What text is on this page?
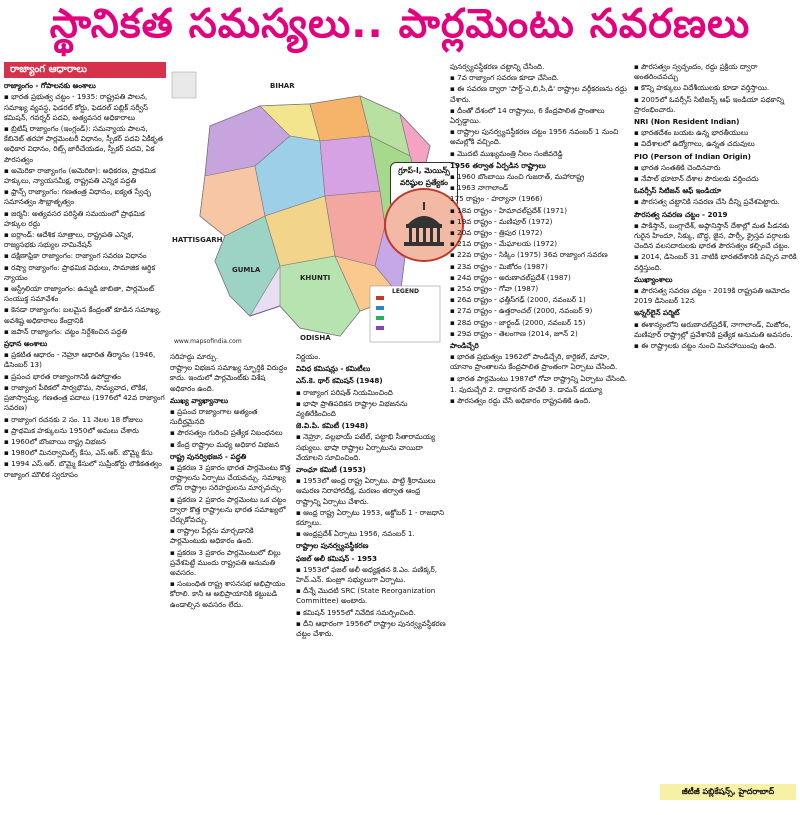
స్థానికత సమస్యలు.. పార్లమెంటు సవరణలు
రాజ్యాంగ ఆధారాలు
రాజ్యాంగం - గోపాలనకు అంశాలు
▪ భారత ప్రభుత్వ చట్టం - 1935: రాష్ట్రపతి పాలన, సమాఖ్య వ్యవస్థ, ఫెడరల్ కోర్టు, ఫెడరల్ పబ్లిక్ సర్వీస్ కమిషన్, గవర్నర్ పదవి, అత్యవసర అధికారాలు
▪ బ్రిటిష్ రాజ్యాంగం (ఇంగ్లండ్): సమన్యాయ పాలన, కేబినెట్ తరహా పార్లమెంటరీ విధానం, స్పీకర్ పదవి ఏకీకృత అధికార విధానం, రిట్స్ జారీచేయడం, స్పీకర్ పదవి, ఏక పౌరసత్వం
▪ అమెరికా రాజ్యాంగం (అమెరికా): అధికరణ, ప్రాథమిక హక్కులు, న్యాయసమీక్ష, రాష్ట్రపతి ఎన్నిక పద్ధతి
▪ ఫ్రాన్స్ రాజ్యాంగం: గణతంత్ర విధానం, ఐక్యత స్వేచ్ఛ సమానత్వం సౌభ్రాతృత్వం
▪ జర్మనీ: అత్యవసర పరిస్థితి సమయంలో ప్రాథమిక హక్కుల రద్దు
▪ ఐర్లాండ్: ఆదేశిక సూత్రాలు, రాష్ట్రపతి ఎన్నిక, రాజ్యసభకు సభ్యుల నామినేషన్
▪ దక్షిణాఫ్రికా రాజ్యాంగం: రాజ్యాంగ సవరణ విధానం
▪ రష్యా రాజ్యాంగం: ప్రాథమిక విధులు, సామాజిక ఆర్థిక న్యాయం
▪ ఆస్ట్రేలియా రాజ్యాంగం: ఉమ్మడి జాబితా, పార్లమెంట్ సంయుక్త సమావేశం
▪ కెనడా రాజ్యాంగం: బలమైన కేంద్రంతో కూడిన సమాఖ్య, అవశిష్ట అధికారాలు కేంద్రానికి
▪ జపాన్ రాజ్యాంగం: చట్టం నిర్దేశించిన పద్ధతి
ప్రధాన అంశాలు
▪ ప్రకటిత ఆధారం - నెహ్రూ ఆధారిత తీర్మానం (1946, డిసెంబర్ 13)
▪ ప్రపంచ భారత రాజ్యాంగానికి ఉపోద్ఘాతం
▪ రాజ్యాంగ పీఠికలో సార్వభౌమ, సామ్యవాద, లౌకిక, ప్రజాస్వామ్య, గణతంత్ర పదాలు (1976లో 42వ రాజ్యాంగ సవరణ)
▪ రాజ్యాంగ రచనకు 2 సం. 11 నెలల 18 రోజులు
▪ ప్రాథమిక హక్కులను 1950లో అమలు చేశారు
▪ 1960లో బొంబాయి రాష్ట్ర విభజన
▪ 1980లో మినర్వామిల్స్ కేసు, ఎస్.ఆర్. బొమ్మై కేసు
▪ 1994 ఎస్.ఆర్. బొమ్మై కేసులో సుప్రీంకోర్టు లౌకికతత్వం రాజ్యాంగ మౌలిక స్వరూపం
BIHAR
HATTISGARH
ODISHA
GUMLA
KHUNTI
LEGEND
www.mapsofindia.com
గ్రూప్-I, మెయిన్స్
వరిష్ఠుల ప్రత్యేకం
సరిహద్దు మార్పు.
రాష్ట్రాల విభజన సమాఖ్య స్ఫూర్తికి విరుద్ధం కాదు. ఇందులో పార్లమెంట్‌కు విశేష అధికారం ఉంది.
ముఖ్య వ్యాఖ్యానాలు
▪ ప్రపంచ రాజ్యాంగాల అత్యంత సుదీర్ఘమైనది
▪ పౌరసత్వం గురించి ప్రత్యేక నిబంధనలు
▪ కేంద్ర రాష్ట్రాల మధ్య అధికార విభజన
రాష్ట్ర పునర్విభజన - పద్ధతి
▪ ప్రకరణ 3 ప్రకారం భారత పార్లమెంటు కొత్త రాష్ట్రాలను ఏర్పాటు చేయవచ్చు. సమాఖ్య లోని రాష్ట్రాల సరిహద్దులను మార్చవచ్చు.
▪ ప్రకరణ 2 ప్రకారం పార్లమెంటు ఒక చట్టం ద్వారా కొత్త రాష్ట్రాలను భారత సమాఖ్యలో చేర్చుకోవచ్చు.
▪ రాష్ట్రాల పేర్లను మార్చడానికి పార్లమెంటుకు అధికారం ఉంది.
▪ ప్రకరణ 3 ప్రకారం పార్లమెంటులో బిల్లు ప్రవేశపెట్టే ముందు రాష్ట్రపతి అనుమతి అవసరం.
▪ సంబంధిత రాష్ట్ర శాసనసభ అభిప్రాయం కోరాలి. కానీ ఆ అభిప్రాయానికి కట్టుబడి ఉండాల్సిన అవసరం లేదు.
నిర్ణయం.
వివిధ కమిషన్లు - కమిటీలు
ఎస్.కె. థార్ కమిషన్ (1948)
▪ రాజ్యాంగ పరిషత్ నియమించింది
▪ భాషా ప్రాతిపదికన రాష్ట్రాల విభజనను వ్యతిరేకించింది
జె.వి.పి. కమిటీ (1948)
▪ నెహ్రూ, వల్లభాయ్ పటేల్, పట్టాభి సీతారామయ్య సభ్యులు. భాషా రాష్ట్రాల ఏర్పాటును వాయిదా వేయాలని సూచించింది.
వాంఛూ కమిటీ (1953)
▪ 1953లో ఆంధ్ర రాష్ట్ర ఏర్పాటు. పొట్టి శ్రీరాములు ఆమరణ నిరాహారదీక్ష, మరణం తర్వాత ఆంధ్ర రాష్ట్రాన్ని ఏర్పాటు చేశారు.
▪ ఆంధ్ర రాష్ట్ర ఏర్పాటు 1953, అక్టోబర్ 1 - రాజధాని కర్నూలు.
▪ ఆంధ్రప్రదేశ్ ఏర్పాటు 1956, నవంబర్ 1.
రాష్ట్రాల పునర్వ్యవస్థీకరణ
ఫజల్ అలీ కమిషన్ - 1953
▪ 1953లో ఫజల్ అలీ అధ్యక్షతన కె.ఎం. పణిక్కర్, హెచ్.ఎన్. కుంజ్రూ సభ్యులుగా ఏర్పాటు.
▪ దీన్నే మొదటి SRC (State Reorganization Committee) అంటారు.
▪ కమిషన్ 1955లో నివేదిక సమర్పించింది.
▪ దీని ఆధారంగా 1956లో రాష్ట్రాల పునర్వ్యవస్థీకరణ చట్టం చేశారు.
పునర్వ్యవస్థీకరణ చట్టాన్ని చేసింది.
▪ 7వ రాజ్యాంగ సవరణ కూడా చేసింది.
▪ ఈ సవరణ ద్వారా 'పార్ట్-ఎ,బి,సి,డి' రాష్ట్రాల వర్గీకరణను రద్దు చేశారు.
▪ దీంతో దేశంలో 14 రాష్ట్రాలు, 6 కేంద్రపాలిత ప్రాంతాలు ఏర్పడ్డాయి.
▪ రాష్ట్రాల పునర్వ్యవస్థీకరణ చట్టం 1956 నవంబర్ 1 నుంచి అమల్లోకి వచ్చింది.
▪ మొదటి ముఖ్యమంత్రి నీలం సంజీవరెడ్డి
1956 తర్వాత ఏర్పడిన రాష్ట్రాలు
▪ 1960 బొంబాయి నుంచి గుజరాత్, మహారాష్ట్ర
▪ 1963 నాగాలాండ్
175 రాష్ట్రం - హర్యానా (1966)
▪ 18వ రాష్ట్రం - హిమాచల్‌ప్రదేశ్ (1971)
▪ 19వ రాష్ట్రం - మణిపూర్ (1972)
▪ 20వ రాష్ట్రం - త్రిపుర (1972)
▪ 21వ రాష్ట్రం - మేఘాలయ (1972)
▪ 22వ రాష్ట్రం - సిక్కిం (1975) 36వ రాజ్యాంగ సవరణ
▪ 23వ రాష్ట్రం - మిజోరం (1987)
▪ 24వ రాష్ట్రం - అరుణాచల్‌ప్రదేశ్ (1987)
▪ 25వ రాష్ట్రం - గోవా (1987)
▪ 26వ రాష్ట్రం - ఛత్తీస్‌గఢ్ (2000, నవంబర్ 1)
▪ 27వ రాష్ట్రం - ఉత్తరాంచల్ (2000, నవంబర్ 9)
▪ 28వ రాష్ట్రం - జార్ఖండ్ (2000, నవంబర్ 15)
▪ 29వ రాష్ట్రం - తెలంగాణ (2014, జూన్ 2)
పాండిచ్చేరి
▪ భారత ప్రభుత్వం 1962లో పాండిచ్చేరి, కారైకల్, మాహె, యానాం ప్రాంతాలను కేంద్రపాలిత ప్రాంతంగా ఏర్పాటు చేసింది.
▪ భారత పార్లమెంటు 1987లో గోవా రాష్ట్రాన్ని ఏర్పాటు చేసింది.
1. పుదుచ్చేరి 2. దాద్రానగర్ హవేలీ 3. డామన్ డయ్యూ
▪ పౌరసత్వం రద్దు చేసే అధికారం రాష్ట్రపతికి ఉంది.
▪ పౌరసత్వం స్వచ్ఛందం, రద్దు ప్రక్రియ ద్వారా అంతరించవచ్చు
▪ కొన్ని హక్కులు విదేశీయులకు కూడా వర్తిస్తాయి.
▪ 2005లో ఓవర్సీస్ సిటిజన్స్ ఆఫ్ ఇండియా పథకాన్ని ప్రారంభించారు.
NRI (Non Resident Indian)
▪ భారతదేశం బయట ఉన్న భారతీయులు
▪ విదేశాలలో ఉద్యోగాలు, ఉన్నత చదువులు
PIO (Person of Indian Origin)
▪ భారత సంతతికి చెందినవారు
▪ నేపాల్ భూటాన్ దేశాల పౌరులకు వర్తించదు
ఓవర్సీస్ సిటిజన్ ఆఫ్ ఇండియా
▪ పౌరసత్వ చట్టానికి సవరణ చేసి దీన్ని ప్రవేశపెట్టారు.
పౌరసత్వ సవరణ చట్టం - 2019
▪ పాకిస్తాన్, బంగ్లాదేశ్, అఫ్గానిస్తాన్ దేశాల్లో మత పీడనకు గురైన హిందూ, సిక్కు, బౌద్ధ, జైన, పార్సీ, క్రైస్తవ వర్గాలకు చెందిన వలసదారులకు భారత పౌరసత్వం కల్పించే చట్టం.
▪ 2014, డిసెంబర్ 31 నాటికి భారతదేశానికి వచ్చిన వారికి వర్తిస్తుంది.
ముఖ్యాంశాలు
▪ పౌరసత్వ సవరణ చట్టం - 2019కి రాష్ట్రపతి ఆమోదం 2019 డిసెంబర్ 12న
ఇన్నర్‌లైన్ పర్మిట్
▪ ఈశాన్యంలోని అరుణాచల్‌ప్రదేశ్, నాగాలాండ్, మిజోరం, మణిపూర్ రాష్ట్రాల్లో ప్రవేశానికి ప్రత్యేక అనుమతి అవసరం.
▪ ఈ రాష్ట్రాలకు చట్టం నుంచి మినహాయింపు ఉంది.
జీటీజీ పబ్లికేషన్స్, హైదరాబాద్
